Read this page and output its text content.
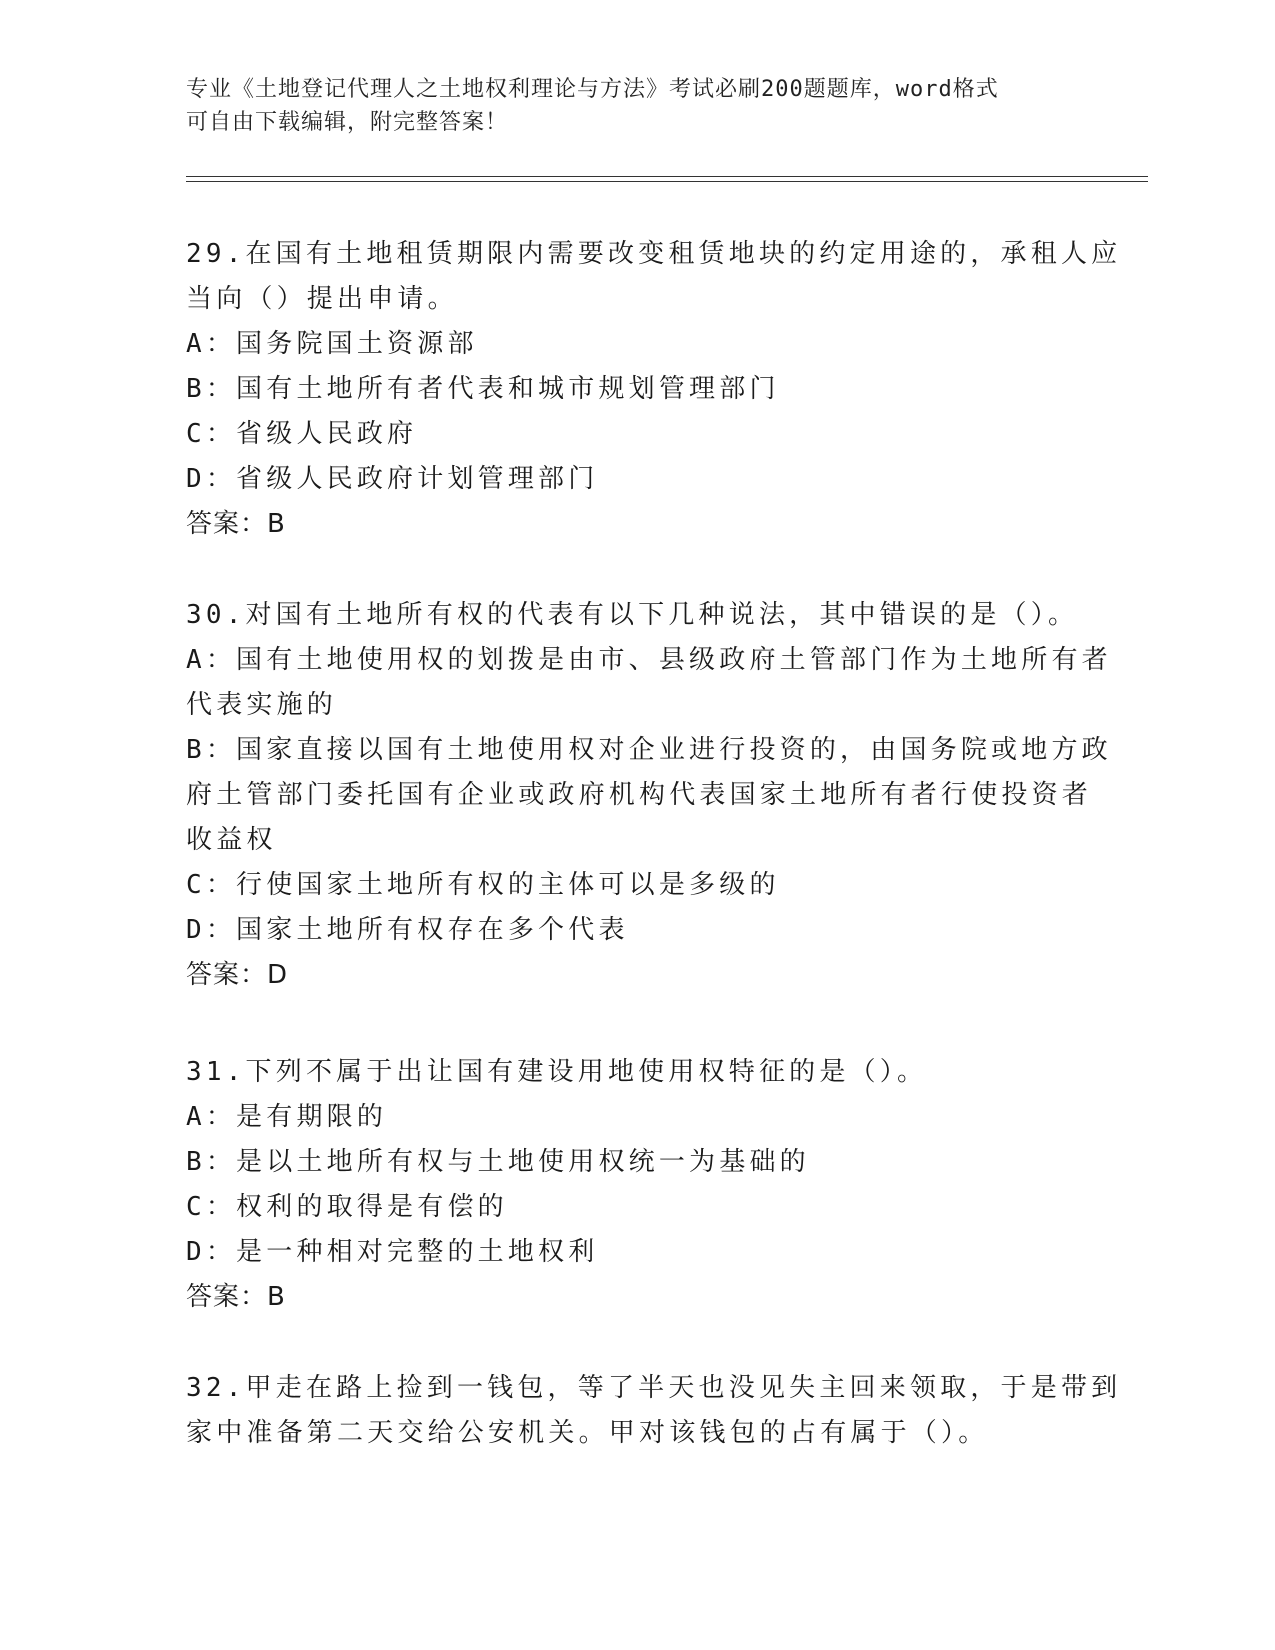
专业《土地登记代理人之土地权利理论与方法》考试必刷200题题库，word格式
可自由下载编辑，附完整答案！
29.在国有土地租赁期限内需要改变租赁地块的约定用途的，承租人应
当向（）提出申请。
A：国务院国土资源部
B：国有土地所有者代表和城市规划管理部门
C：省级人民政府
D：省级人民政府计划管理部门
答案：B
30.对国有土地所有权的代表有以下几种说法，其中错误的是（）。
A：国有土地使用权的划拨是由市、县级政府土管部门作为土地所有者
代表实施的
B：国家直接以国有土地使用权对企业进行投资的，由国务院或地方政
府土管部门委托国有企业或政府机构代表国家土地所有者行使投资者
收益权
C：行使国家土地所有权的主体可以是多级的
D：国家土地所有权存在多个代表
答案：D
31.下列不属于出让国有建设用地使用权特征的是（）。
A：是有期限的
B：是以土地所有权与土地使用权统一为基础的
C：权利的取得是有偿的
D：是一种相对完整的土地权利
答案：B
32.甲走在路上捡到一钱包，等了半天也没见失主回来领取，于是带到
家中准备第二天交给公安机关。甲对该钱包的占有属于（）。
